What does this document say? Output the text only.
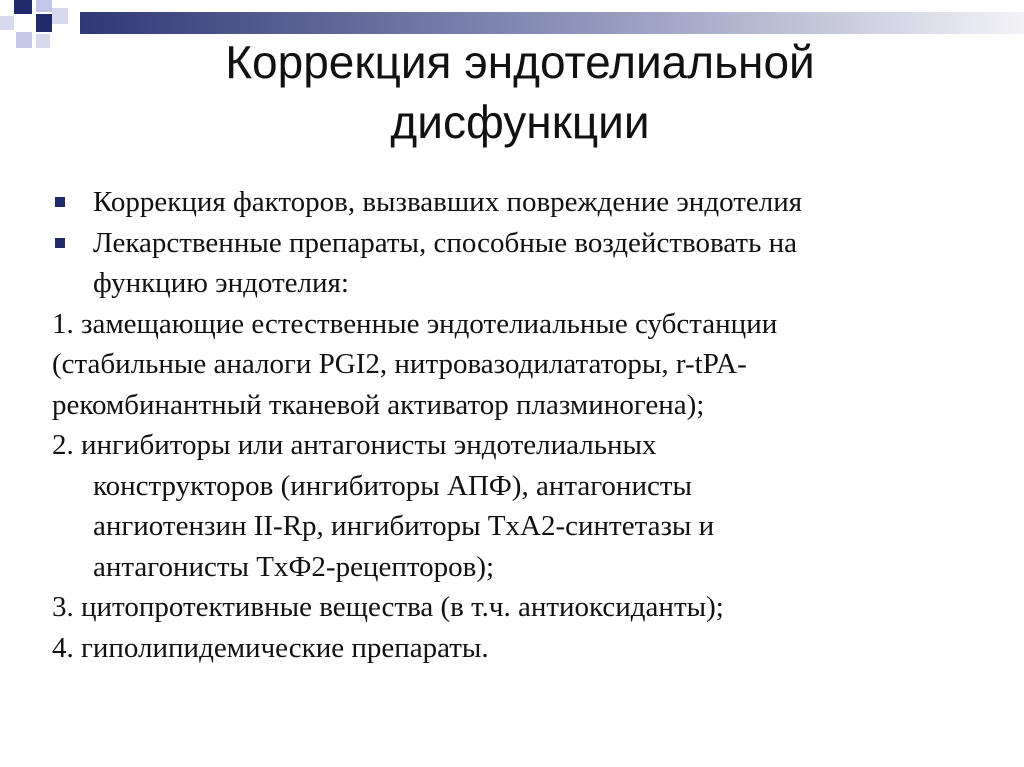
Коррекция эндотелиальной
дисфункции
Коррекция факторов, вызвавших повреждение эндотелия
Лекарственные препараты, способные воздействовать на
функцию эндотелия:
1. замещающие естественные эндотелиальные субстанции
(стабильные аналоги PGI2, нитровазодилататоры, r-tPA-
рекомбинантный тканевой активатор плазминогена);
2. ингибиторы или антагонисты эндотелиальных
конструкторов (ингибиторы АПФ), антагонисты
ангиотензин II-Rp, ингибиторы TxA2-синтетазы и
антагонисты TxФ2-рецепторов);
3. цитопротективные вещества (в т.ч. антиоксиданты);
4. гиполипидемические препараты.
